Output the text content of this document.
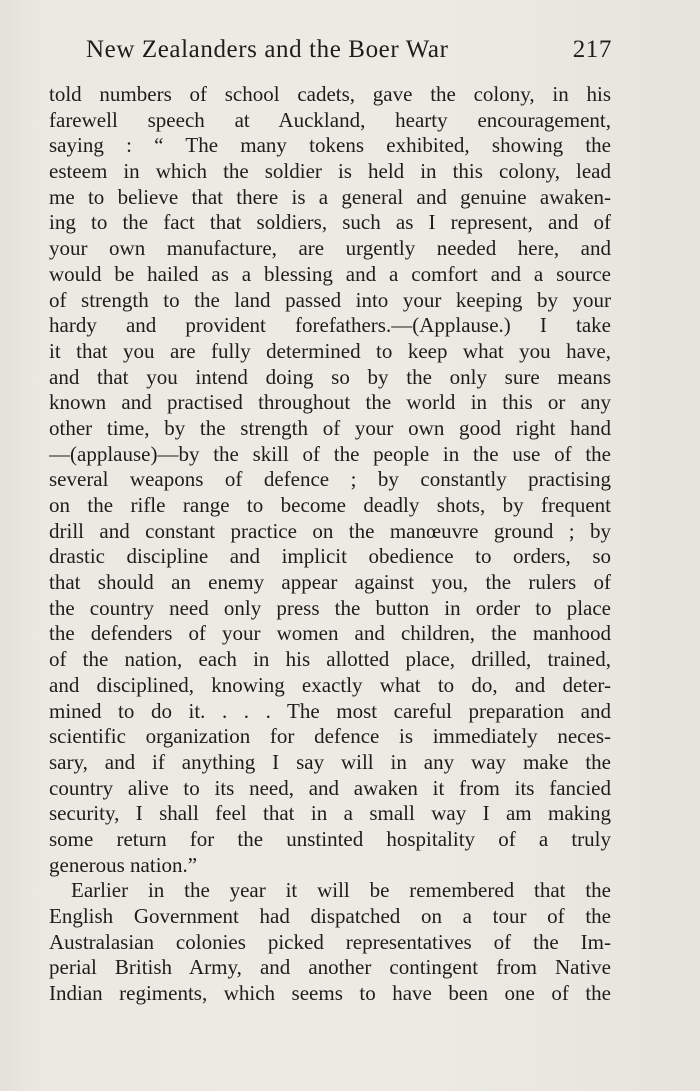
New Zealanders and the Boer War	217
told numbers of school cadets, gave the colony, in his
farewell speech at Auckland, hearty encouragement,
saying : “ The many tokens exhibited, showing the
esteem in which the soldier is held in this colony, lead
me to believe that there is a general and genuine awaken-
ing to the fact that soldiers, such as I represent, and of
your own manufacture, are urgently needed here, and
would be hailed as a blessing and a comfort and a source
of strength to the land passed into your keeping by your
hardy and provident forefathers.—(Applause.) I take
it that you are fully determined to keep what you have,
and that you intend doing so by the only sure means
known and practised throughout the world in this or any
other time, by the strength of your own good right hand
—(applause)—by the skill of the people in the use of the
several weapons of defence ; by constantly practising
on the rifle range to become deadly shots, by frequent
drill and constant practice on the manœuvre ground ; by
drastic discipline and implicit obedience to orders, so
that should an enemy appear against you, the rulers of
the country need only press the button in order to place
the defenders of your women and children, the manhood
of the nation, each in his allotted place, drilled, trained,
and disciplined, knowing exactly what to do, and deter-
mined to do it. . . . The most careful preparation and
scientific organization for defence is immediately neces-
sary, and if anything I say will in any way make the
country alive to its need, and awaken it from its fancied
security, I shall feel that in a small way I am making
some return for the unstinted hospitality of a truly
generous nation.”
Earlier in the year it will be remembered that the
English Government had dispatched on a tour of the
Australasian colonies picked representatives of the Im-
perial British Army, and another contingent from Native
Indian regiments, which seems to have been one of the
